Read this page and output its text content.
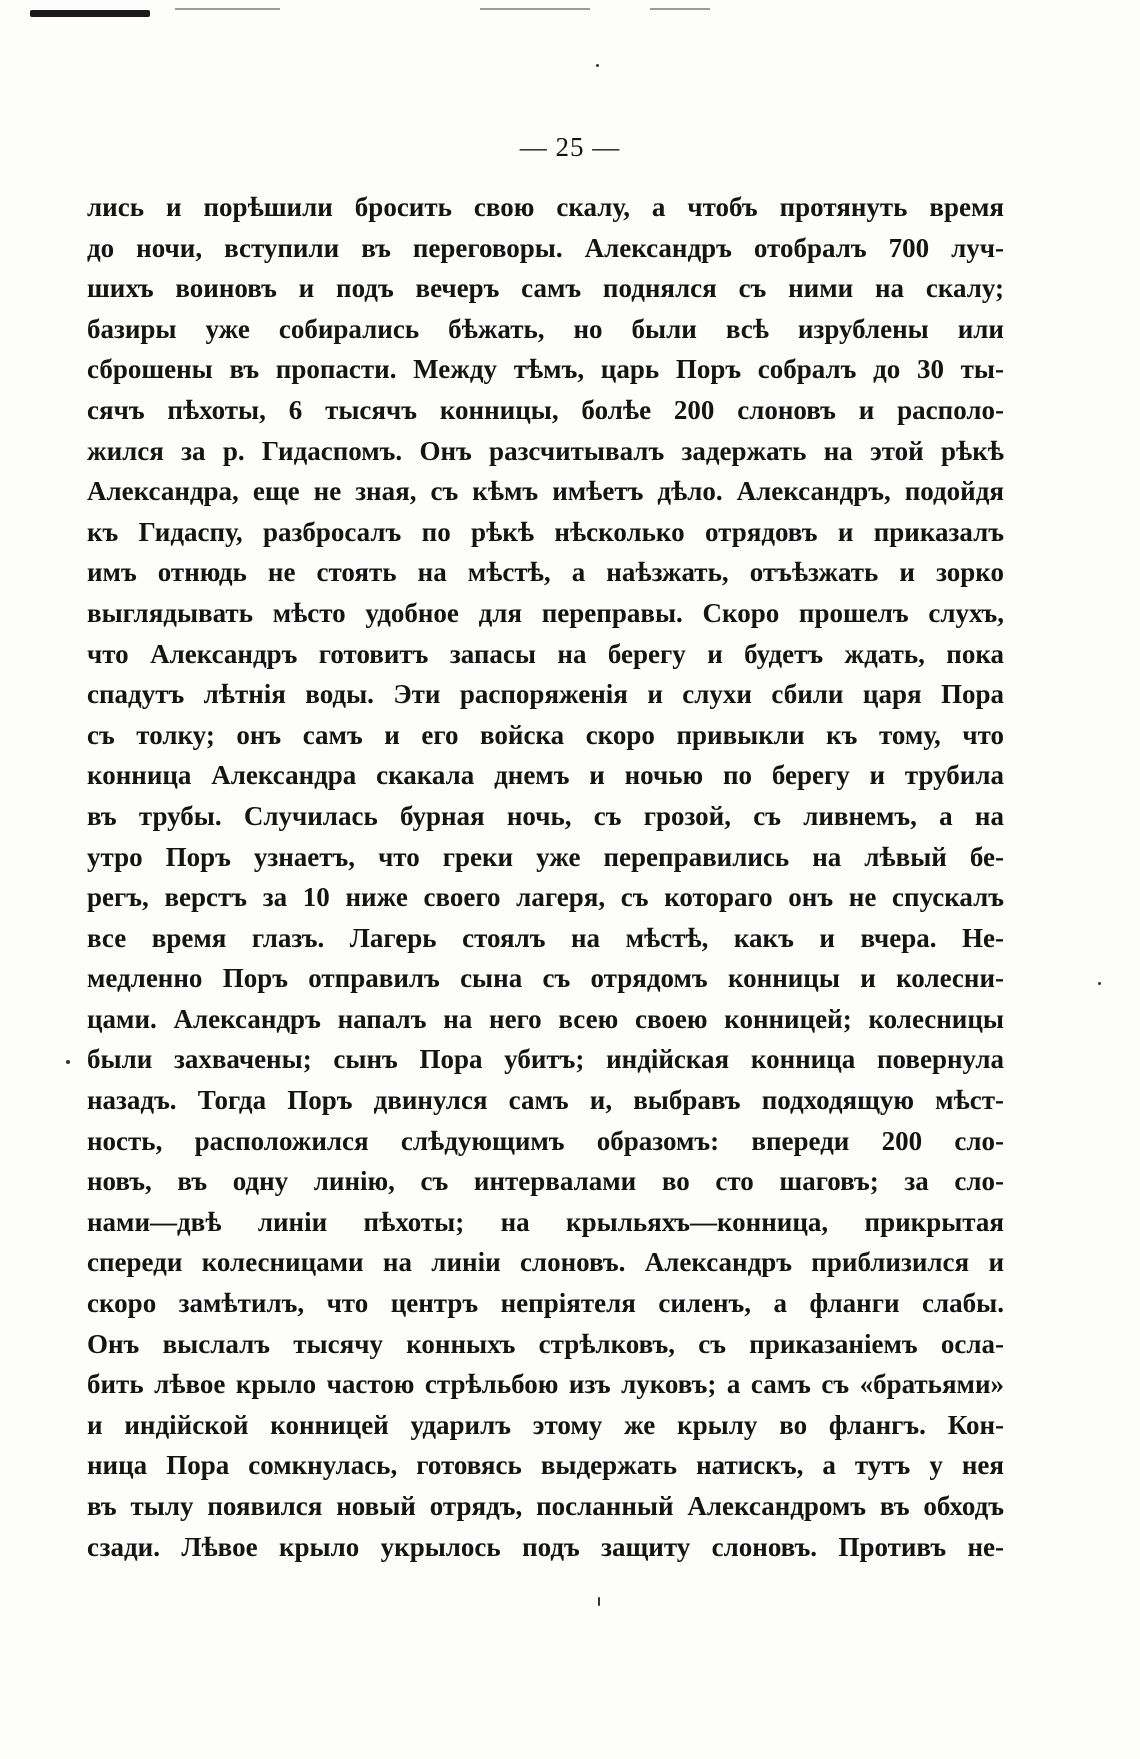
— 25 —
лись и порѣшили бросить свою скалу, а чтобъ протянуть время
до ночи, вступили въ переговоры. Александръ отобралъ 700 луч-
шихъ воиновъ и подъ вечеръ самъ поднялся съ ними на скалу;
базиры уже собирались бѣжать, но были всѣ изрублены или
сброшены въ пропасти. Между тѣмъ, царь Поръ собралъ до 30 ты-
сячъ пѣхоты, 6 тысячъ конницы, болѣе 200 слоновъ и располо-
жился за р. Гидаспомъ. Онъ разсчитывалъ задержать на этой рѣкѣ
Александра, еще не зная, съ кѣмъ имѣетъ дѣло. Александръ, подойдя
къ Гидаспу, разбросалъ по рѣкѣ нѣсколько отрядовъ и приказалъ
имъ отнюдь не стоять на мѣстѣ, а наѣзжать, отъѣзжать и зорко
выглядывать мѣсто удобное для переправы. Скоро прошелъ слухъ,
что Александръ готовитъ запасы на берегу и будетъ ждать, пока
спадутъ лѣтнія воды. Эти распоряженія и слухи сбили царя Пора
съ толку; онъ самъ и его войска скоро привыкли къ тому, что
конница Александра скакала днемъ и ночью по берегу и трубила
въ трубы. Случилась бурная ночь, съ грозой, съ ливнемъ, а на
утро Поръ узнаетъ, что греки уже переправились на лѣвый бе-
регъ, верстъ за 10 ниже своего лагеря, съ котораго онъ не спускалъ
все время глазъ. Лагерь стоялъ на мѣстѣ, какъ и вчера. Не-
медленно Поръ отправилъ сына съ отрядомъ конницы и колесни-
цами. Александръ напалъ на него всею своею конницей; колесницы
были захвачены; сынъ Пора убитъ; индійская конница повернула
назадъ. Тогда Поръ двинулся самъ и, выбравъ подходящую мѣст-
ность, расположился слѣдующимъ образомъ: впереди 200 сло-
новъ, въ одну линію, съ интервалами во сто шаговъ; за сло-
нами—двѣ линіи пѣхоты; на крыльяхъ—конница, прикрытая
спереди колесницами на линіи слоновъ. Александръ приблизился и
скоро замѣтилъ, что центръ непріятеля силенъ, а фланги слабы.
Онъ выслалъ тысячу конныхъ стрѣлковъ, съ приказаніемъ осла-
бить лѣвое крыло частою стрѣльбою изъ луковъ; а самъ съ «братьями»
и индійской конницей ударилъ этому же крылу во флангъ. Кон-
ница Пора сомкнулась, готовясь выдержать натискъ, а тутъ у нея
въ тылу появился новый отрядъ, посланный Александромъ въ обходъ
сзади. Лѣвое крыло укрылось подъ защиту слоновъ. Противъ не-
